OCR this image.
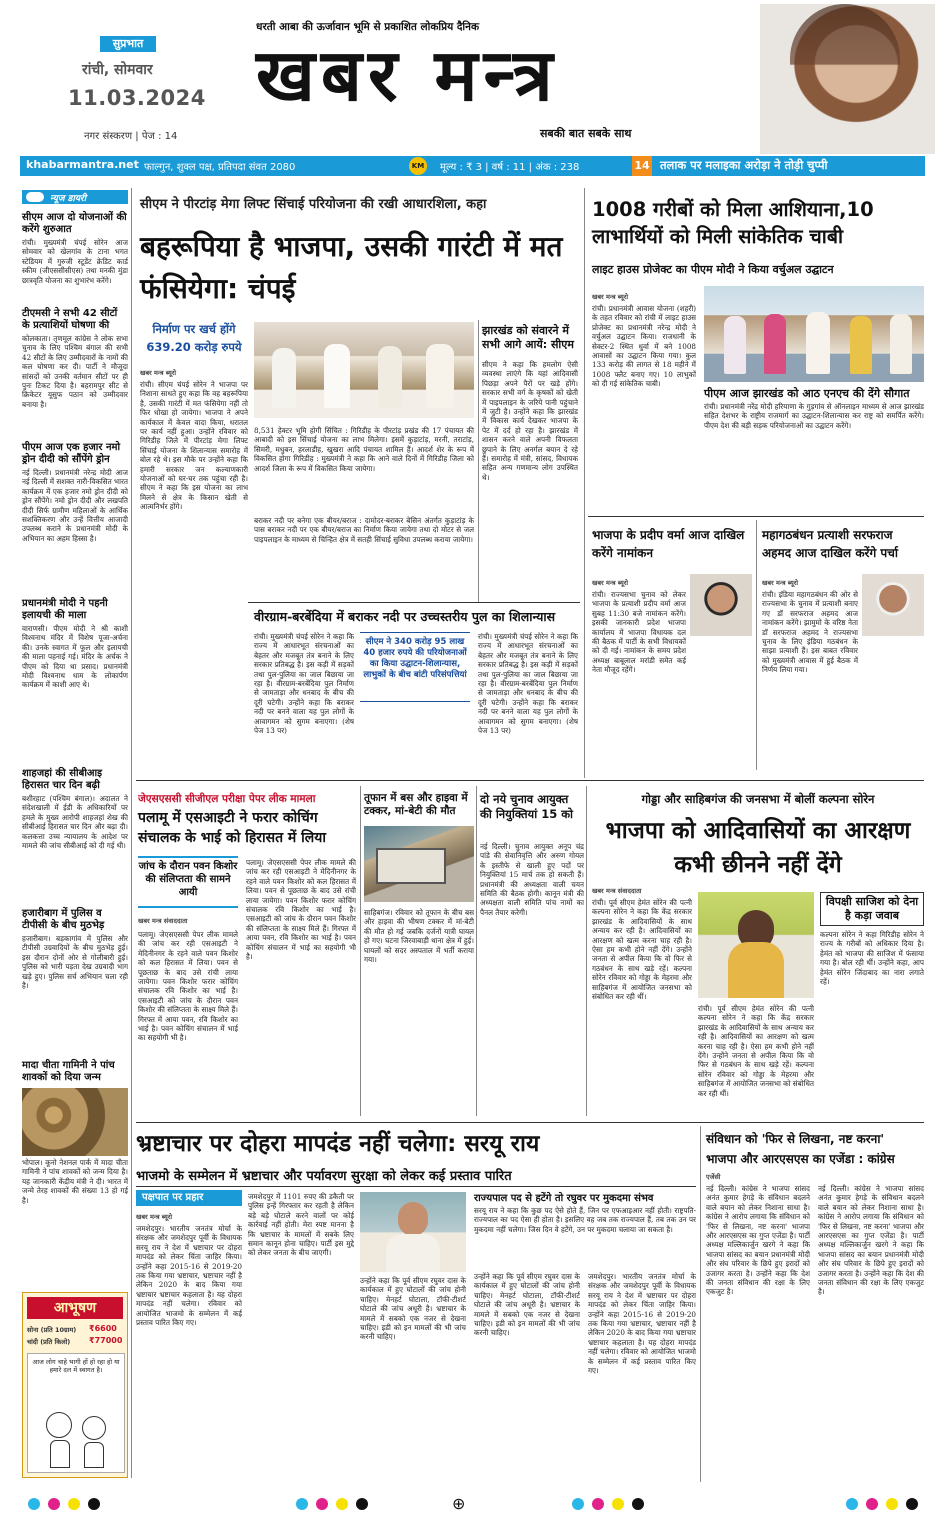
सुप्रभात
रांची, सोमवार
11.03.2024
नगर संस्करण | पेज : 14
धरती आबा की ऊर्जावान भूमि से प्रकाशित लोकप्रिय दैनिक
खबर मन्त्र
सबकी बात सबके साथ
khabarmantra.net फाल्गुन, शुक्ल पक्ष, प्रतिपदा संवत 2080	KM मूल्य : ₹ 3 | वर्ष : 11 | अंक : 238	14 तलाक पर मलाइका अरोड़ा ने तोड़ी चुप्पी
न्यूज डायरी
सीएम आज दो योजनाओं की करेंगे शुरुआत
रांची। मुख्यमंत्री चंपई सोरेन आज सोमवार को खेलगांव के टाना भगत स्टेडियम में गुरुजी स्टूडेंट क्रेडिट कार्ड स्कीम (जीएससीसीएस) तथा मनकी मुंडा छात्रवृति योजना का शुभारंभ करेंगे।
टीएमसी ने सभी 42 सीटों के प्रत्याशियों घोषणा की
कोलकाता। तृणमूल कांग्रेस ने लोक सभा चुनाव के लिए पश्चिम बंगाल की सभी 42 सीटों के लिए उम्मीदवारों के नामों की कल घोषणा कर दी। पार्टी ने मौजूदा सांसदों को उनकी वर्तमान सीटों पर ही पुनः टिकट दिया है। बहरामपुर सीट से क्रिकेटर यूसुफ पठान को उम्मीदवार बनाया है।
पीएम आज एक हजार नमो ड्रोन दीदी को सौंपेंगे ड्रोन
नई दिल्ली। प्रधानमंत्री नरेन्द्र मोदी आज नई दिल्ली में सशक्त नारी-विकसित भारत कार्यक्रम में एक हजार नमो ड्रोन दीदी को ड्रोन सौंपेंगे। नमो ड्रोन दीदी और लखपति दीदी सिर्फ ग्रामीण महिलाओं के आर्थिक सशक्तिकरण और उन्हें वित्तीय आजादी उपलब्ध कराने के प्रधानमंत्री मोदी के अभियान का अहम हिस्सा है।
प्रधानमंत्री मोदी ने पहनी इलायची की माला
वाराणसी। पीएम मोदी ने श्री काशी विश्वनाथ मंदिर में विशेष पूजा-अर्चना की। उनके स्वागत में फूल और इलायची की माला पहनाई गई। मंदिर के अर्चक ने पीएम को दिया था प्रसाद। प्रधानमंत्री मोदी विश्वनाथ धाम के लोकार्पण कार्यक्रम में काशी आए थे।
शाहजहां की सीबीआइ हिरासत चार दिन बढ़ी
बशीरहाट (पश्चिम बंगाल)। अदालत ने संदेशखाली में ईडी के अधिकारियों पर हमले के मुख्य आरोपी शाहजहां शेख की सीबीआई हिरासत चार दिन और बढ़ा दी। कलकत्ता उच्च न्यायालय के आदेश पर मामले की जांच सीबीआई को दी गई थी।
हजारीबाग में पुलिस व टीपीसी के बीच मुठभेड़
हजारीबाग। बड़कागांव में पुलिस और टीपीसी उग्रवादियों के बीच मुठभेड़ हुई। इस दौरान दोनों ओर से गोलीबारी हुई। पुलिस को भारी पड़ता देख उग्रवादी भाग खड़े हुए। पुलिस सर्च अभियान चला रही है।
मादा चीता गामिनी ने पांच शावकों को दिया जन्म
भोपाल। कूनो नेशनल पार्क में मादा चीता गामिनी ने पांच शावकों को जन्म दिया है। यह जानकारी केंद्रीय मंत्री ने दी। भारत में जन्मे तेरह शावकों की संख्या 13 हो गई है।
आभूषण
सोना (प्रति 10ग्राम) ₹6600
चांदी (प्रति किलो) ₹77000
आज लोग चाहे भागी हों हो रहा हो या हमारे दल में स्वागत है।
सीएम ने पीरटांड़ मेगा लिफ्ट सिंचाई परियोजना की रखी आधारशिला, कहा
बहरूपिया है भाजपा, उसकी गारंटी में मत फंसियेगा: चंपई
निर्माण पर खर्च होंगे 639.20 करोड़ रुपये
खबर मन्त्र ब्यूरो
रांची। सीएम चंपई सोरेन ने भाजपा पर निशाना साधते हुए कहा कि वह बहरूपिया है, उसकी गारंटी में मत फंसियेगा नहीं तो फिर धोखा हो जायेगा। भाजपा ने अपने कार्यकाल में केवल वादा किया, धरातल पर कार्य नहीं हुआ। उन्होंने रविवार को गिरिडीह जिले में पीरटांड़ मेगा लिफ्ट सिंचाई योजना के शिलान्यास समारोह में बोल रहे थे। इस मौके पर उन्होंने कहा कि हमारी सरकार जन कल्याणकारी योजनाओं को घर-घर तक पहुंचा रही है। सीएम ने कहा कि इस योजना का लाभ मिलने से क्षेत्र के किसान खेती से आत्मनिर्भर होंगे।
8,531 हेक्टर भूमि होगी सिंचित : गिरिडीह के पीरटांड़ प्रखंड की 17 पंचायत की आबादी को इस सिंचाई योजना का लाभ मिलेगा। इसमें कुड़ाटांड़, मरनी, तराटांड़, सिमरी, मधुबन, हरलाडीह, खुखरा आदि पंचायत शामिल हैं। आदर्श शेर के रूप में विकसित होगा गिरिडीह : मुख्यमंत्री ने कहा कि आने वाले दिनों में गिरिडीह जिला को आदर्श जिला के रूप में विकसित किया जायेगा।
बराकर नदी पर बनेगा एक बीयर/बराज : दामोदर-बराकर बेसिन अंतर्गत कुड़ाटांड़ के पास बराकर नदी पर एक बीयर/बराज का निर्माण किया जायेगा तथा दो मोटर से जल पाइपलाइन के माध्यम से चिन्हित क्षेत्र में सतही सिंचाई सुविधा उपलब्ध कराया जायेगा।
झारखंड को संवारने में सभी आगे आयें: सीएम
सीएम ने कहा कि हमलोग ऐसी व्यवस्था लाएंगे कि यहां आदिवासी पिछड़ा अपने पैरों पर खड़े होंगे। सरकार सभी वर्ग के कृषकों को खेती में पाइपलाइन के जरिये पानी पहुंचाने में जुटी है। उन्होंने कहा कि झारखंड में विकास कार्य देखकर भाजपा के पेट में दर्द हो रहा है। झारखंड में शासन करने वाले अपनी विफलता छुपाने के लिए अनर्गल बयान दे रहे हैं। समारोह में मंत्री, सांसद, विधायक सहित अन्य गणमान्य लोग उपस्थित थे।
वीरग्राम-बरबेंदिया में बराकर नदी पर उच्चस्तरीय पुल का शिलान्यास
रांची। मुख्यमंत्री चंपई सोरेन ने कहा कि राज्य में आधारभूत संरचनाओं का बेहतर और मजबूत तंत्र बनाने के लिए सरकार प्रतिबद्ध है। इस कड़ी में सड़कों तथा पुल-पुलिया का जाल बिछाया जा रहा है। वीरग्राम-बरबेंदिया पुल निर्माण से जामताड़ा और धनबाद के बीच की दूरी घटेगी। उन्होंने कहा कि बराकर नदी पर बनने वाला यह पुल लोगों के आवागमन को सुगम बनाएगा। (शेष पेज 13 पर)
सीएम ने 340 करोड़ 95 लाख 40 हजार रुपये की परियोजनाओं का किया उद्घाटन-शिलान्यास, लाभुकों के बीच बांटी परिसंपत्तियां
रांची। मुख्यमंत्री चंपई सोरेन ने कहा कि राज्य में आधारभूत संरचनाओं का बेहतर और मजबूत तंत्र बनाने के लिए सरकार प्रतिबद्ध है। इस कड़ी में सड़कों तथा पुल-पुलिया का जाल बिछाया जा रहा है। वीरग्राम-बरबेंदिया पुल निर्माण से जामताड़ा और धनबाद के बीच की दूरी घटेगी। उन्होंने कहा कि बराकर नदी पर बनने वाला यह पुल लोगों के आवागमन को सुगम बनाएगा। (शेष पेज 13 पर)
1008 गरीबों को मिला आशियाना,10 लाभार्थियों को मिली सांकेतिक चाबी
लाइट हाउस प्रोजेक्ट का पीएम मोदी ने किया वर्चुअल उद्घाटन
खबर मन्त्र ब्यूरो
रांची। प्रधानमंत्री आवास योजना (शहरी) के तहत रविवार को रांची में लाइट हाउस प्रोजेक्ट का प्रधानमंत्री नरेन्द्र मोदी ने वर्चुअल उद्घाटन किया। राजधानी के सेक्टर-2 स्थित धुर्वा में बने 1008 आवासों का उद्घाटन किया गया। कुल 133 करोड़ की लागत से 18 महीने में 1008 फ्लैट बनाए गए। 10 लाभुकों को दी गई सांकेतिक चाबी।
पीएम आज झारखंड को आठ एनएच की देंगे सौगात
रांची। प्रधानमंत्री नरेंद्र मोदी हरियाणा के गुड़गांव से ऑनलाइन माध्यम से आज झारखंड सहित देशभर के राष्ट्रीय राजमार्ग का उद्घाटन-शिलान्यास कर राष्ट्र को समर्पित करेंगे। पीएम देश की बड़ी सड़क परियोजनाओं का उद्घाटन करेंगे।
भाजपा के प्रदीप वर्मा आज दाखिल करेंगे नामांकन
खबर मन्त्र ब्यूरो
रांची। राज्यसभा चुनाव को लेकर भाजपा के प्रत्याशी प्रदीप वर्मा आज सुबह 11:30 बजे नामांकन करेंगे। इसकी जानकारी प्रदेश भाजपा कार्यालय में भाजपा विधायक दल की बैठक में पार्टी के सभी विधायकों को दी गई। नामांकन के समय प्रदेश अध्यक्ष बाबूलाल मरांडी समेत कई नेता मौजूद रहेंगे।
महागठबंधन प्रत्याशी सरफराज अहमद आज दाखिल करेंगे पर्चा
खबर मन्त्र ब्यूरो
रांची। इंडिया महागठबंधन की ओर से राज्यसभा के चुनाव में प्रत्याशी बनाए गए डॉ सरफराज अहमद आज नामांकन करेंगे। झामुमो के वरिष्ठ नेता डॉ सरफराज अहमद ने राज्यसभा चुनाव के लिए इंडिया गठबंधन के साझा प्रत्याशी हैं। इस बाबत रविवार को मुख्यमंत्री आवास में हुई बैठक में निर्णय लिया गया।
जेएसएससी सीजीएल परीक्षा पेपर लीक मामला
पलामू में एसआइटी ने फरार कोचिंग संचालक के भाई को हिरासत में लिया
जांच के दौरान पवन किशोर की संलिप्तता की सामने आयी
खबर मन्त्र संवाददाता
पलामू। जेएसएससी पेपर लीक मामले की जांच कर रही एसआइटी ने मेदिनीनगर के रहने वाले पवन किशोर को कल हिरासत में लिया। पवन से पूछताछ के बाद उसे रांची लाया जायेगा। पवन किशोर फरार कोचिंग संचालक रवि किशोर का भाई है। एसआइटी को जांच के दौरान पवन किशोर की संलिप्तता के साक्ष्य मिले हैं। गिरफ्त में आया पवन, रवि किशोर का भाई है। पवन कोचिंग संचालन में भाई का सहयोगी भी है।
पलामू। जेएसएससी पेपर लीक मामले की जांच कर रही एसआइटी ने मेदिनीनगर के रहने वाले पवन किशोर को कल हिरासत में लिया। पवन से पूछताछ के बाद उसे रांची लाया जायेगा। पवन किशोर फरार कोचिंग संचालक रवि किशोर का भाई है। एसआइटी को जांच के दौरान पवन किशोर की संलिप्तता के साक्ष्य मिले हैं। गिरफ्त में आया पवन, रवि किशोर का भाई है। पवन कोचिंग संचालन में भाई का सहयोगी भी है।
तूफान में बस और हाइवा में टक्कर, मां-बेटी की मौत
साहिबगंज। रविवार को तूफान के बीच बस और हाइवा की भीषण टक्कर में मां-बेटी की मौत हो गई जबकि दर्जनों यात्री घायल हो गए। घटना जिरवाबाड़ी थाना क्षेत्र में हुई। घायलों को सदर अस्पताल में भर्ती कराया गया।
दो नये चुनाव आयुक्त की नियुक्तियां 15 को
नई दिल्ली। चुनाव आयुक्त अनूप चंद्र पांडे की सेवानिवृत्ति और अरुण गोयल के इस्तीफे से खाली हुए पदों पर नियुक्तियां 15 मार्च तक हो सकती हैं। प्रधानमंत्री की अध्यक्षता वाली चयन समिति की बैठक होगी। कानून मंत्री की अध्यक्षता वाली समिति पांच नामों का पैनल तैयार करेगी।
गोड्डा और साहिबगंज की जनसभा में बोलीं कल्पना सोरेन
भाजपा को आदिवासियों का आरक्षण कभी छीनने नहीं देंगे
खबर मन्त्र संवाददाता
रांची। पूर्व सीएम हेमंत सोरेन की पत्नी कल्पना सोरेन ने कहा कि केंद्र सरकार झारखंड के आदिवासियों के साथ अन्याय कर रही है। आदिवासियों का आरक्षण को खत्म करना चाह रही है। ऐसा हम कभी होने नहीं देंगे। उन्होंने जनता से अपील किया कि वो फिर से गठबंधन के साथ खड़े रहें। कल्पना सोरेन रविवार को गोड्डा के मेहरमा और साहिबगंज में आयोजित जनसभा को संबोधित कर रही थीं।
रांची। पूर्व सीएम हेमंत सोरेन की पत्नी कल्पना सोरेन ने कहा कि केंद्र सरकार झारखंड के आदिवासियों के साथ अन्याय कर रही है। आदिवासियों का आरक्षण को खत्म करना चाह रही है। ऐसा हम कभी होने नहीं देंगे। उन्होंने जनता से अपील किया कि वो फिर से गठबंधन के साथ खड़े रहें। कल्पना सोरेन रविवार को गोड्डा के मेहरमा और साहिबगंज में आयोजित जनसभा को संबोधित कर रही थीं।
विपक्षी साजिश को देना है कड़ा जवाब
कल्पना सोरेन ने कहा गिरिडीह सोरेन ने राज्य के गरीबों को अधिकार दिया है। हेमंत को भाजपा की साजिश में फंसाया गया है। बोल रही थीं। उन्होंने कहा, आप हेमंत सोरेन जिंदाबाद का नारा लगाते रहें।
भ्रष्टाचार पर दोहरा मापदंड नहीं चलेगा: सरयू राय
भाजमो के सम्मेलन में भ्रष्टाचार और पर्यावरण सुरक्षा को लेकर कई प्रस्ताव पारित
पक्षपात पर प्रहार
खबर मन्त्र ब्यूरो
जमशेदपुर। भारतीय जनतंत्र मोर्चा के संरक्षक और जमशेदपुर पूर्वी के विधायक सरयू राय ने देश में भ्रष्टाचार पर दोहरा मापदंड को लेकर चिंता जाहिर किया। उन्होंने कहा 2015-16 से 2019-20 तक किया गया भ्रष्टाचार, भ्रष्टाचार नहीं है लेकिन 2020 के बाद किया गया भ्रष्टाचार भ्रष्टाचार कहलाता है। यह दोहरा मापदंड नहीं चलेगा। रविवार को आयोजित भाजमो के सम्मेलन में कई प्रस्ताव पारित किए गए।
जमशेदपुर में 1101 रुपए की डकैती पर पुलिस इन्हें गिरफ्तार कर रहती है लेकिन बड़े बड़े घोटाले करने वालों पर कोई कार्रवाई नहीं होती। मेरा स्पष्ट मानना है कि भ्रष्टाचार के मामलों में सबके लिए समान कानून होना चाहिए। पार्टी इस मुद्दे को लेकर जनता के बीच जाएगी।
उन्होंने कहा कि पूर्व सीएम रघुवर दास के कार्यकाल में हुए घोटालों की जांच होनी चाहिए। मेनहर्ट घोटाला, टॉफी-टीशर्ट घोटाले की जांच अधूरी है। भ्रष्टाचार के मामले में सबको एक नजर से देखना चाहिए। इडी को इन मामलों की भी जांच करनी चाहिए।
राज्यपाल पद से हटेंगे तो रघुवर पर मुकदमा संभव
सरयू राय ने कहा कि कुछ पद ऐसे होते हैं, जिन पर एफआइआर नहीं होती। राष्ट्रपति-राज्यपाल का पद ऐसा ही होता है। इसलिए वह जब तक राज्यपाल हैं, तब तक उन पर मुकदमा नहीं चलेगा। जिस दिन वे हटेंगे, उन पर मुकदमा चलाया जा सकता है।
उन्होंने कहा कि पूर्व सीएम रघुवर दास के कार्यकाल में हुए घोटालों की जांच होनी चाहिए। मेनहर्ट घोटाला, टॉफी-टीशर्ट घोटाले की जांच अधूरी है। भ्रष्टाचार के मामले में सबको एक नजर से देखना चाहिए। इडी को इन मामलों की भी जांच करनी चाहिए।
जमशेदपुर। भारतीय जनतंत्र मोर्चा के संरक्षक और जमशेदपुर पूर्वी के विधायक सरयू राय ने देश में भ्रष्टाचार पर दोहरा मापदंड को लेकर चिंता जाहिर किया। उन्होंने कहा 2015-16 से 2019-20 तक किया गया भ्रष्टाचार, भ्रष्टाचार नहीं है लेकिन 2020 के बाद किया गया भ्रष्टाचार भ्रष्टाचार कहलाता है। यह दोहरा मापदंड नहीं चलेगा। रविवार को आयोजित भाजमो के सम्मेलन में कई प्रस्ताव पारित किए गए।
संविधान को 'फिर से लिखना, नष्ट करना'
भाजपा और आरएसएस का एजेंडा : कांग्रेस
एजेंसी
नई दिल्ली। कांग्रेस ने भाजपा सांसद अनंत कुमार हेगड़े के संविधान बदलने वाले बयान को लेकर निशाना साधा है। कांग्रेस ने आरोप लगाया कि संविधान को 'फिर से लिखना, नष्ट करना' भाजपा और आरएसएस का गुप्त एजेंडा है। पार्टी अध्यक्ष मल्लिकार्जुन खरगे ने कहा कि भाजपा सांसद का बयान प्रधानमंत्री मोदी और संघ परिवार के छिपे हुए इरादों को उजागर करता है। उन्होंने कहा कि देश की जनता संविधान की रक्षा के लिए एकजुट है।
नई दिल्ली। कांग्रेस ने भाजपा सांसद अनंत कुमार हेगड़े के संविधान बदलने वाले बयान को लेकर निशाना साधा है। कांग्रेस ने आरोप लगाया कि संविधान को 'फिर से लिखना, नष्ट करना' भाजपा और आरएसएस का गुप्त एजेंडा है। पार्टी अध्यक्ष मल्लिकार्जुन खरगे ने कहा कि भाजपा सांसद का बयान प्रधानमंत्री मोदी और संघ परिवार के छिपे हुए इरादों को उजागर करता है। उन्होंने कहा कि देश की जनता संविधान की रक्षा के लिए एकजुट है।
⊕
